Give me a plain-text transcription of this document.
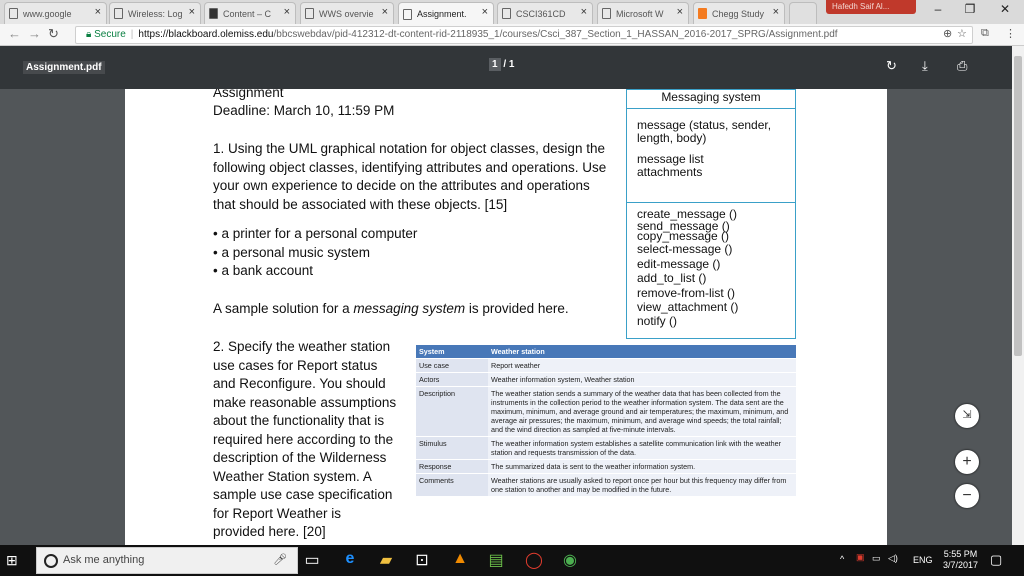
www.google	×	Wireless: Log ×	Content – C	×	WWS overvie ×	Assignment.	×	CSCI361CD	×	Microsoft W	×	Chegg Study ×	Hafedh Saif Al...	–	❐	✕
← → ↻	🔒︎ Secure | https://blackboard.olemiss.edu/bbcswebdav/pid-412312-dt-content-rid-2118935_1/courses/Csci_387_Section_1_HASSAN_2016-2017_SPRG/Assignment.pdf	⊕ ☆ ⧉ ⋮
Assignment.pdf	1 / 1	↻ ⤓ ⎙
Assignment
Deadline: March 10, 11:59 PM
1. Using the UML graphical notation for object classes, design the
following object classes, identifying attributes and operations. Use
your own experience to decide on the attributes and operations
that should be associated with these objects. [15]
• a printer for a personal computer
• a personal music system
• a bank account
A sample solution for a messaging system is provided here.
2. Specify the weather station
use cases for Report status
and Reconfigure. You should
make reasonable assumptions
about the functionality that is
required here according to the
description of the Wilderness
Weather Station system. A
sample use case specification
for Report Weather is
provided here. [20]
Messaging system
message (status, sender,
length, body)
message list
attachments
create_message ()
send_message ()
copy_message ()
select-message ()
edit-message ()
add_to_list ()
remove-from-list ()
view_attachment ()
notify ()
System	Weather station
Use case	Report weather
Actors	Weather information system, Weather station
Description	The weather station sends a summary of the weather data that has been collected from the instruments in the collection period to the weather information system. The data sent are the maximum, minimum, and average ground and air temperatures; the maximum, minimum, and average air pressures; the maximum, minimum, and average wind speeds; the total rainfall; and the wind direction as sampled at five-minute intervals.
Stimulus	The weather information system establishes a satellite communication link with the weather station and requests transmission of the data.
Response	The summarized data is sent to the weather information system.
Comments	Weather stations are usually asked to report once per hour but this frequency may differ from one station to another and may be modified in the future.
⇲
+
−
⊞	Ask me anything	🎤︎	▭	e	▰	⊡	▲	▤	◯	◉	^ ▣ ▭ ◁) ENG
5:55 PM
3/7/2017 ▢
